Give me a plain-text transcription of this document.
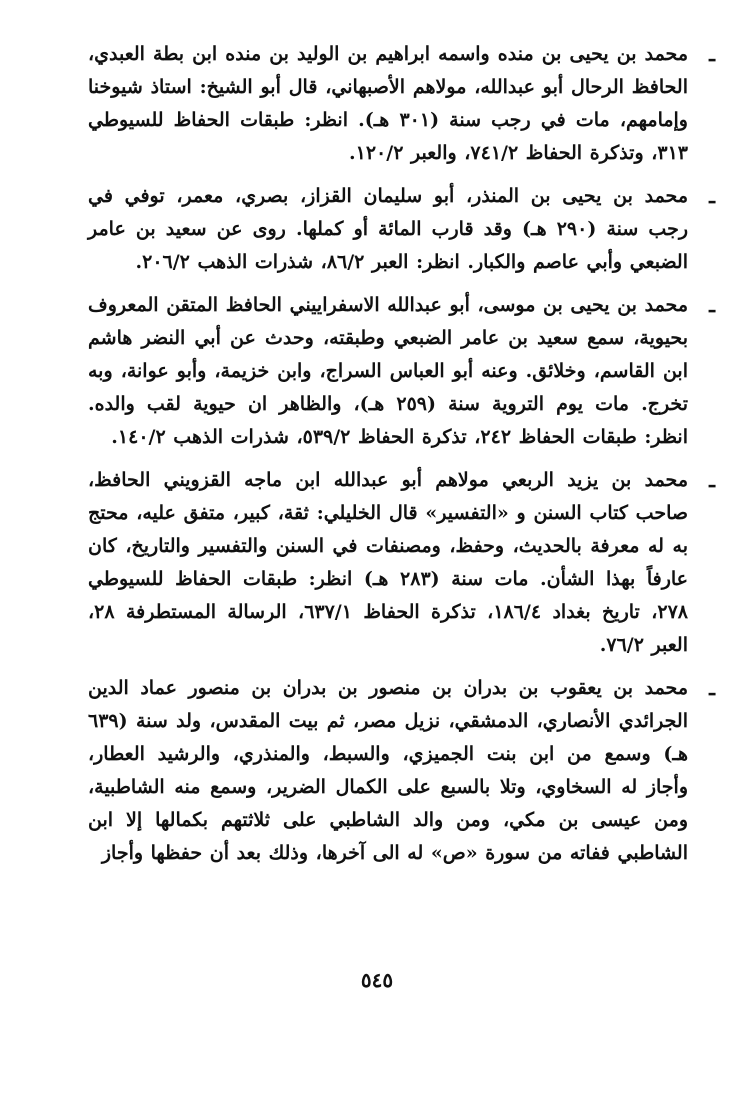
ـ
محمد بن يحيى بن منده واسمه ابراهيم بن الوليد بن منده ابن بطة العبدي، الحافظ الرحال أبو عبدالله، مولاهم الأصبهاني، قال أبو الشيخ: استاذ شيوخنا وإمامهم، مات في رجب سنة (٣٠١ هـ). انظر: طبقات الحفاظ للسيوطي ٣١٣، وتذكرة الحفاظ ٧٤١/٢، والعبر ١٢٠/٢.
ـ
محمد بن يحيى بن المنذر، أبو سليمان القزاز، بصري، معمر، توفي في رجب سنة (٢٩٠ هـ) وقد قارب المائة أو كملها. روى عن سعيد بن عامر الضبعي وأبي عاصم والكبار. انظر: العبر ٨٦/٢، شذرات الذهب ٢٠٦/٢.
ـ
محمد بن يحيى بن موسى، أبو عبدالله الاسفراييني الحافظ المتقن المعروف بحيوية، سمع سعيد بن عامر الضبعي وطبقته، وحدث عن أبي النضر هاشم ابن القاسم، وخلائق. وعنه أبو العباس السراج، وابن خزيمة، وأبو عوانة، وبه تخرج. مات يوم التروية سنة (٢٥٩ هـ)، والظاهر ان حيوية لقب والده. انظر: طبقات الحفاظ ٢٤٢، تذكرة الحفاظ ٥٣٩/٢، شذرات الذهب ١٤٠/٢.
ـ
محمد بن يزيد الربعي مولاهم أبو عبدالله ابن ماجه القزويني الحافظ، صاحب كتاب السنن و «التفسير» قال الخليلي: ثقة، كبير، متفق عليه، محتج به له معرفة بالحديث، وحفظ، ومصنفات في السنن والتفسير والتاريخ، كان عارفاً بهذا الشأن. مات سنة (٢٨٣ هـ) انظر: طبقات الحفاظ للسيوطي ٢٧٨، تاريخ بغداد ١٨٦/٤، تذكرة الحفاظ ٦٣٧/١، الرسالة المستطرفة ٢٨، العبر ٧٦/٢.
ـ
محمد بن يعقوب بن بدران بن منصور بن بدران بن منصور عماد الدين الجرائدي الأنصاري، الدمشقي، نزيل مصر، ثم بيت المقدس، ولد سنة (٦٣٩ هـ) وسمع من ابن بنت الجميزي، والسبط، والمنذري، والرشيد العطار، وأجاز له السخاوي، وتلا بالسبع على الكمال الضرير، وسمع منه الشاطبية، ومن عيسى بن مكي، ومن والد الشاطبي على ثلاثتهم بكمالها إلا ابن الشاطبي ففاته من سورة «ص» له الى آخرها، وذلك بعد أن حفظها وأجاز
٥٤٥
